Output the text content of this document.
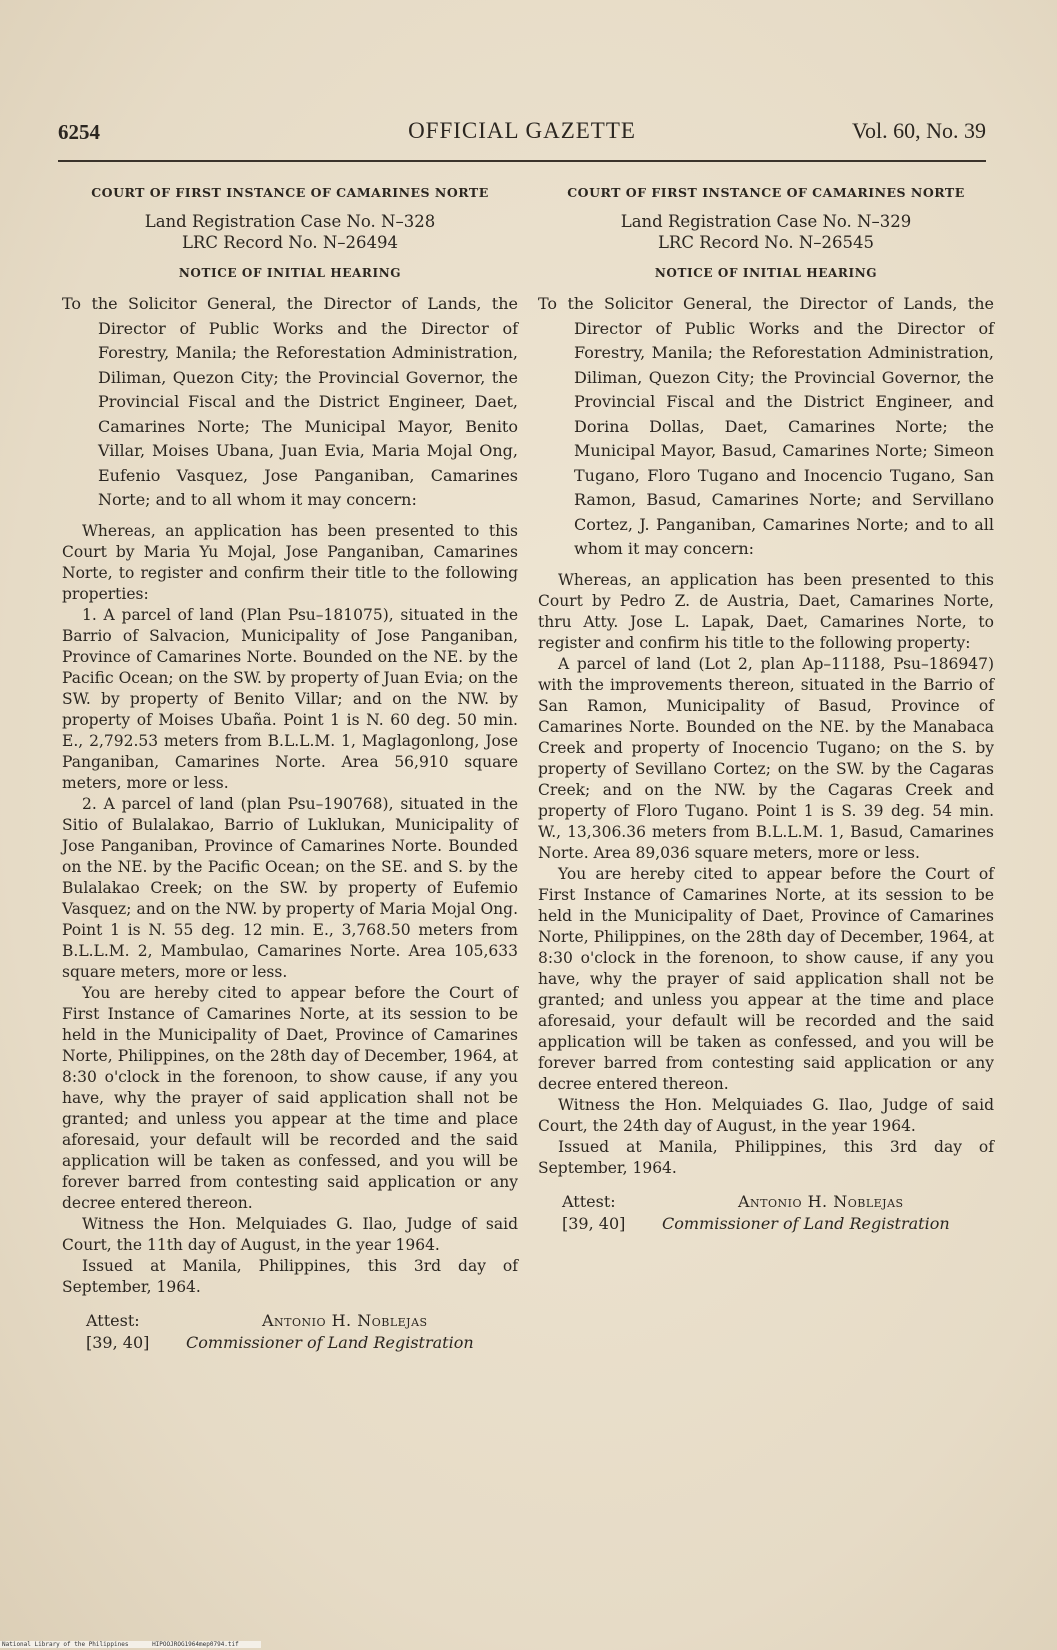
6254	OFFICIAL GAZETTE	Vol. 60, No. 39
COURT OF FIRST INSTANCE OF CAMARINES NORTE
Land Registration Case No. N–328
LRC Record No. N–26494
NOTICE OF INITIAL HEARING
To the Solicitor General, the Director of Lands, the Director of Public Works and the Director of Forestry, Manila; the Reforestation Administration, Diliman, Quezon City; the Provincial Governor, the Provincial Fiscal and the District Engineer, Daet, Camarines Norte; The Municipal Mayor, Benito Villar, Moises Ubana, Juan Evia, Maria Mojal Ong, Eufenio Vasquez, Jose Panganiban, Camarines Norte; and to all whom it may concern:

Whereas, an application has been presented to this Court by Maria Yu Mojal, Jose Panganiban, Camarines Norte, to register and confirm their title to the following properties:

1. A parcel of land (Plan Psu–181075), situated in the Barrio of Salvacion, Municipality of Jose Panganiban, Province of Camarines Norte. Bounded on the NE. by the Pacific Ocean; on the SW. by property of Juan Evia; on the SW. by property of Benito Villar; and on the NW. by property of Moises Ubaña. Point 1 is N. 60 deg. 50 min. E., 2,792.53 meters from B.L.L.M. 1, Maglagonlong, Jose Panganiban, Camarines Norte. Area 56,910 square meters, more or less.

2. A parcel of land (plan Psu–190768), situated in the Sitio of Bulalakao, Barrio of Luklukan, Municipality of Jose Panganiban, Province of Camarines Norte. Bounded on the NE. by the Pacific Ocean; on the SE. and S. by the Bulalakao Creek; on the SW. by property of Eufemio Vasquez; and on the NW. by property of Maria Mojal Ong. Point 1 is N. 55 deg. 12 min. E., 3,768.50 meters from B.L.L.M. 2, Mambulao, Camarines Norte. Area 105,633 square meters, more or less.

You are hereby cited to appear before the Court of First Instance of Camarines Norte, at its session to be held in the Municipality of Daet, Province of Camarines Norte, Philippines, on the 28th day of December, 1964, at 8:30 o'clock in the forenoon, to show cause, if any you have, why the prayer of said application shall not be granted; and unless you appear at the time and place aforesaid, your default will be recorded and the said application will be taken as confessed, and you will be forever barred from contesting said application or any decree entered thereon.

Witness the Hon. Melquiades G. Ilao, Judge of said Court, the 11th day of August, in the year 1964.

Issued at Manila, Philippines, this 3rd day of September, 1964.

Attest:	Antonio H. Noblejas
[39, 40] Commissioner of Land Registration
COURT OF FIRST INSTANCE OF CAMARINES NORTE
Land Registration Case No. N–329
LRC Record No. N–26545
NOTICE OF INITIAL HEARING
To the Solicitor General, the Director of Lands, the Director of Public Works and the Director of Forestry, Manila; the Reforestation Administration, Diliman, Quezon City; the Provincial Governor, the Provincial Fiscal and the District Engineer, and Dorina Dollas, Daet, Camarines Norte; the Municipal Mayor, Basud, Camarines Norte; Simeon Tugano, Floro Tugano and Inocencio Tugano, San Ramon, Basud, Camarines Norte; and Servillano Cortez, J. Panganiban, Camarines Norte; and to all whom it may concern:

Whereas, an application has been presented to this Court by Pedro Z. de Austria, Daet, Camarines Norte, thru Atty. Jose L. Lapak, Daet, Camarines Norte, to register and confirm his title to the following property:

A parcel of land (Lot 2, plan Ap–11188, Psu–186947) with the improvements thereon, situated in the Barrio of San Ramon, Municipality of Basud, Province of Camarines Norte. Bounded on the NE. by the Manabaca Creek and property of Inocencio Tugano; on the S. by property of Sevillano Cortez; on the SW. by the Cagaras Creek; and on the NW. by the Cagaras Creek and property of Floro Tugano. Point 1 is S. 39 deg. 54 min. W., 13,306.36 meters from B.L.L.M. 1, Basud, Camarines Norte. Area 89,036 square meters, more or less.

You are hereby cited to appear before the Court of First Instance of Camarines Norte, at its session to be held in the Municipality of Daet, Province of Camarines Norte, Philippines, on the 28th day of December, 1964, at 8:30 o'clock in the forenoon, to show cause, if any you have, why the prayer of said application shall not be granted; and unless you appear at the time and place aforesaid, your default will be recorded and the said application will be taken as confessed, and you will be forever barred from contesting said application or any decree entered thereon.

Witness the Hon. Melquiades G. Ilao, Judge of said Court, the 24th day of August, in the year 1964.

Issued at Manila, Philippines, this 3rd day of September, 1964.

Attest:	Antonio H. Noblejas
[39, 40] Commissioner of Land Registration
National Library of the Philippines	HIPOOJROG1964mep0794.tif
